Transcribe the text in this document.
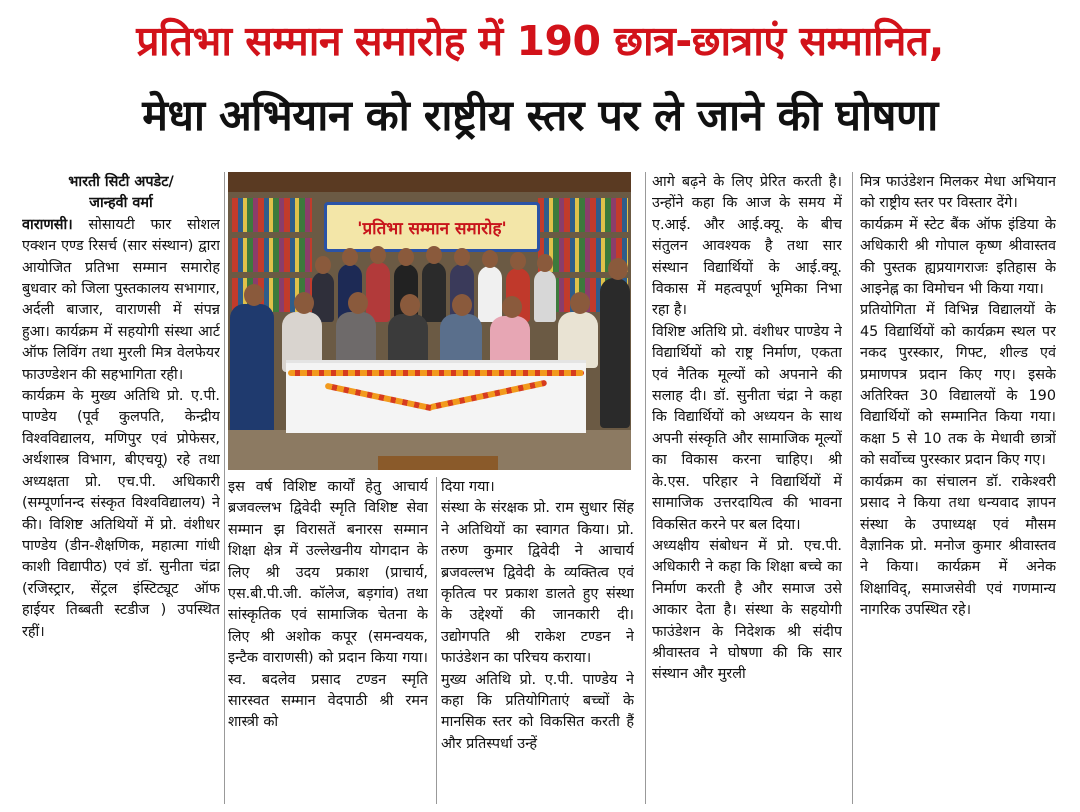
प्रतिभा सम्मान समारोह में 190 छात्र-छात्राएं सम्मानित,
मेधा अभियान को राष्ट्रीय स्तर पर ले जाने की घोषणा

भारती सिटी अपडेट/

जान्हवी वर्मा

वाराणसी। सोसायटी फार सोशल एक्शन एण्ड रिसर्च (सार संस्थान) द्वारा आयोजित प्रतिभा सम्मान समारोह बुधवार को जिला पुस्तकालय सभागार, अर्दली बाजार, वाराणसी में संपन्न हुआ। कार्यक्रम में सहयोगी संस्था आर्ट ऑफ लिविंग तथा मुरली मित्र वेलफेयर फाउण्डेशन की सहभागिता रही।

कार्यक्रम के मुख्य अतिथि प्रो. ए.पी. पाण्डेय (पूर्व कुलपति, केन्द्रीय विश्वविद्यालय, मणिपुर एवं प्रोफेसर, अर्थशास्त्र विभाग, बीएचयू) रहे तथा अध्यक्षता प्रो. एच.पी. अधिकारी (सम्पूर्णानन्द संस्कृत विश्वविद्यालय) ने की। विशिष्ट अतिथियों में प्रो. वंशीधर पाण्डेय (डीन-शैक्षणिक, महात्मा गांधी काशी विद्यापीठ) एवं डॉ. सुनीता चंद्रा (रजिस्ट्रार, सेंट्रल इंस्टिट्यूट ऑफ हाईयर तिब्बती स्टडीज ) उपस्थित रहीं।

'प्रतिभा सम्मान समारोह'

इस वर्ष विशिष्ट कार्यों हेतु आचार्य ब्रजवल्लभ द्विवेदी स्मृति विशिष्ट सेवा सम्मान झ विरासतें बनारस सम्मान शिक्षा क्षेत्र में उल्लेखनीय योगदान के लिए श्री उदय प्रकाश (प्राचार्य, एस.बी.पी.जी. कॉलेज, बड़गांव) तथा सांस्कृतिक एवं सामाजिक चेतना के लिए श्री अशोक कपूर (समन्वयक, इन्टैक वाराणसी) को प्रदान किया गया। स्व. बदलेव प्रसाद टण्डन स्मृति सारस्वत सम्मान वेदपाठी श्री रमन शास्त्री को

दिया गया।

संस्था के संरक्षक प्रो. राम सुधार सिंह ने अतिथियों का स्वागत किया। प्रो. तरुण कुमार द्विवेदी ने आचार्य ब्रजवल्लभ द्विवेदी के व्यक्तित्व एवं कृतित्व पर प्रकाश डालते हुए संस्था के उद्देश्यों की जानकारी दी। उद्योगपति श्री राकेश टण्डन ने फाउंडेशन का परिचय कराया।

मुख्य अतिथि प्रो. ए.पी. पाण्डेय ने कहा कि प्रतियोगिताएं बच्चों के मानसिक स्तर को विकसित करती हैं और प्रतिस्पर्धा उन्हें

आगे बढ़ने के लिए प्रेरित करती है। उन्होंने कहा कि आज के समय में ए.आई. और आई.क्यू. के बीच संतुलन आवश्यक है तथा सार संस्थान विद्यार्थियों के आई.क्यू. विकास में महत्वपूर्ण भूमिका निभा रहा है।

विशिष्ट अतिथि प्रो. वंशीधर पाण्डेय ने विद्यार्थियों को राष्ट्र निर्माण, एकता एवं नैतिक मूल्यों को अपनाने की सलाह दी। डॉ. सुनीता चंद्रा ने कहा कि विद्यार्थियों को अध्ययन के साथ अपनी संस्कृति और सामाजिक मूल्यों का विकास करना चाहिए। श्री के.एस. परिहार ने विद्यार्थियों में सामाजिक उत्तरदायित्व की भावना विकसित करने पर बल दिया।

अध्यक्षीय संबोधन में प्रो. एच.पी. अधिकारी ने कहा कि शिक्षा बच्चे का निर्माण करती है और समाज उसे आकार देता है। संस्था के सहयोगी फाउंडेशन के निदेशक श्री संदीप श्रीवास्तव ने घोषणा की कि सार संस्थान और मुरली

मित्र फाउंडेशन मिलकर मेधा अभियान को राष्ट्रीय स्तर पर विस्तार देंगे।

कार्यक्रम में स्टेट बैंक ऑफ इंडिया के अधिकारी श्री गोपाल कृष्ण श्रीवास्तव की पुस्तक ह्यप्रयागराजः इतिहास के आइनेह्न का विमोचन भी किया गया।

प्रतियोगिता में विभिन्न विद्यालयों के 45 विद्यार्थियों को कार्यक्रम स्थल पर नकद पुरस्कार, गिफ्ट, शील्ड एवं प्रमाणपत्र प्रदान किए गए। इसके अतिरिक्त 30 विद्यालयों के 190 विद्यार्थियों को सम्मानित किया गया। कक्षा 5 से 10 तक के मेधावी छात्रों को सर्वोच्च पुरस्कार प्रदान किए गए।

कार्यक्रम का संचालन डॉ. राकेश्वरी प्रसाद ने किया तथा धन्यवाद ज्ञापन संस्था के उपाध्यक्ष एवं मौसम वैज्ञानिक प्रो. मनोज कुमार श्रीवास्तव ने किया। कार्यक्रम में अनेक शिक्षाविद्, समाजसेवी एवं गणमान्य नागरिक उपस्थित रहे।
